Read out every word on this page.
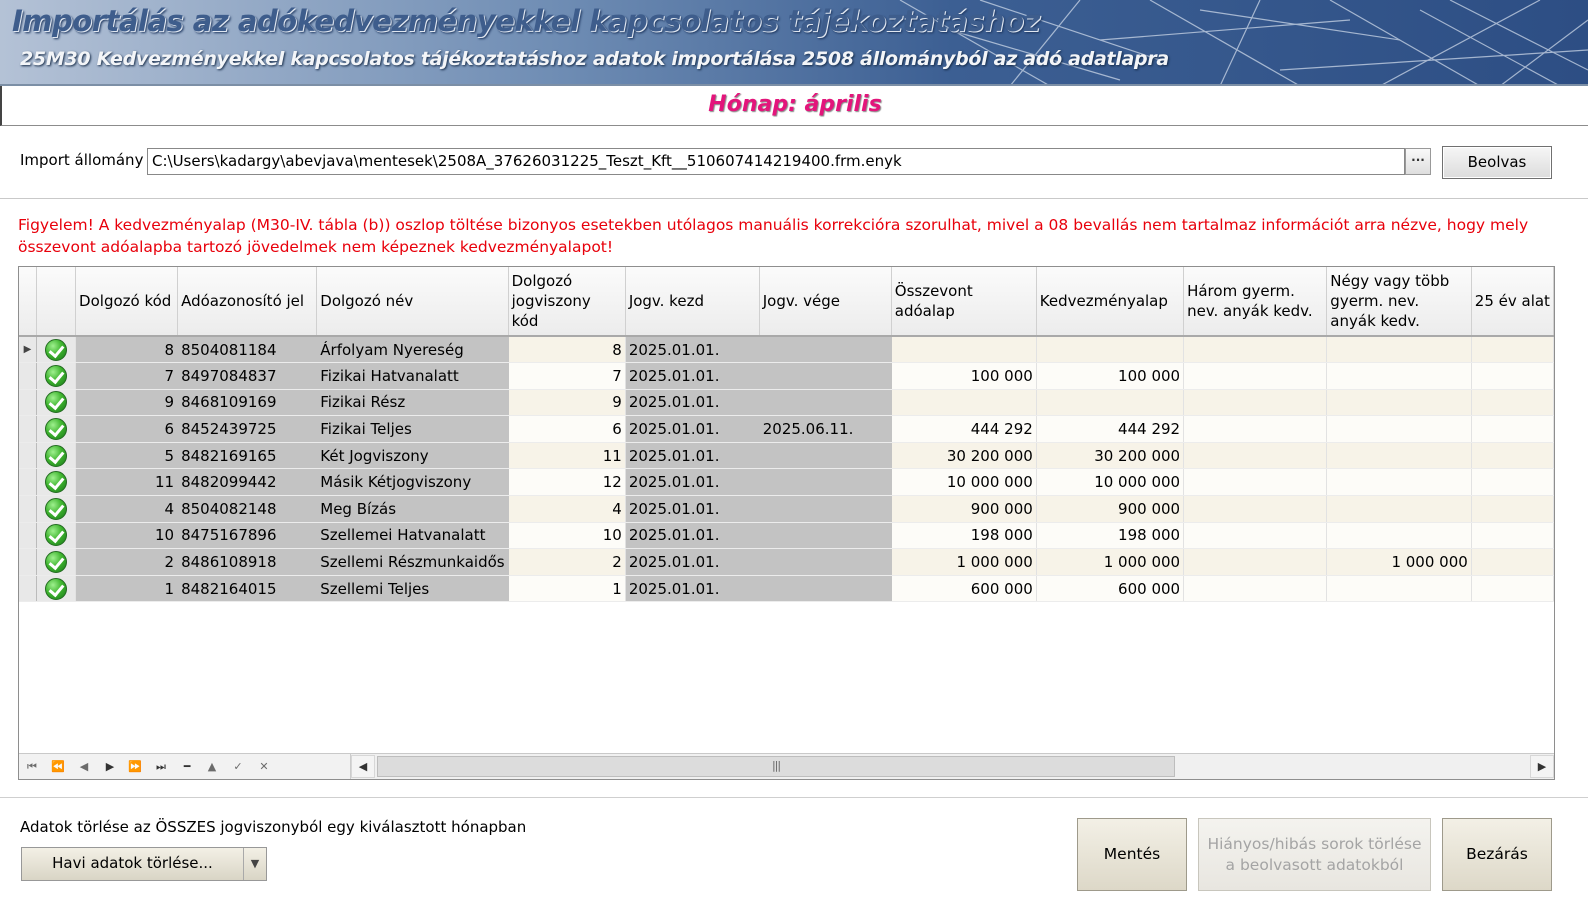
Importálás az adókedvezményekkel kapcsolatos tájékoztatáshoz
25M30 Kedvezményekkel kapcsolatos tájékoztatáshoz adatok importálása 2508 állományból az adó adatlapra
Hónap: április
Import állomány C:\Users\kadargy\abevjava\mentesek\2508A_37626031225_Teszt_Kft__510607414219400.frm.enyk	···	Beolvas
Figyelem! A kedvezményalap (M30-IV. tábla (b)) oszlop töltése bizonyos esetekben utólagos manuális korrekcióra szorulhat, mivel a 08 bevallás nem tartalmaz információt arra nézve, hogy mely összevont adóalapba tartozó jövedelmek nem képeznek kedvezményalapot!
		Dolgozó kód	Adóazonosító jel	Dolgozó név	Dolgozó jogviszony kód	Jogv. kezd	Jogv. vége	Összevont adóalap	Kedvezményalap	Három gyerm. nev. anyák kedv.	Négy vagy több gyerm. nev. anyák kedv.	25 év alat
▶		8	8504081184	Árfolyam Nyereség	8	2025.01.01.						
		7	8497084837	Fizikai Hatvanalatt	7	2025.01.01.		100 000	100 000			
		9	8468109169	Fizikai Rész	9	2025.01.01.						
		6	8452439725	Fizikai Teljes	6	2025.01.01.	2025.06.11.	444 292	444 292			
		5	8482169165	Két Jogviszony	11	2025.01.01.		30 200 000	30 200 000			
		11	8482099442	Másik Kétjogviszony	12	2025.01.01.		10 000 000	10 000 000			
		4	8504082148	Meg Bízás	4	2025.01.01.		900 000	900 000			
		10	8475167896	Szellemei Hatvanalatt	10	2025.01.01.		198 000	198 000			
		2	8486108918	Szellemi Részmunkaidős	2	2025.01.01.		1 000 000	1 000 000		1 000 000	
		1	8482164015	Szellemi Teljes	1	2025.01.01.		600 000	600 000			
⏮	⏪	◀	▶	⏩	⏭	━	▲	✓	✕	◀	|||	▶
Adatok törlése az ÖSSZES jogviszonyból egy kiválasztott hónapban
Havi adatok törlése...	▼
Mentés
Hiányos/hibás sorok törlése a beolvasott adatokból
Bezárás
